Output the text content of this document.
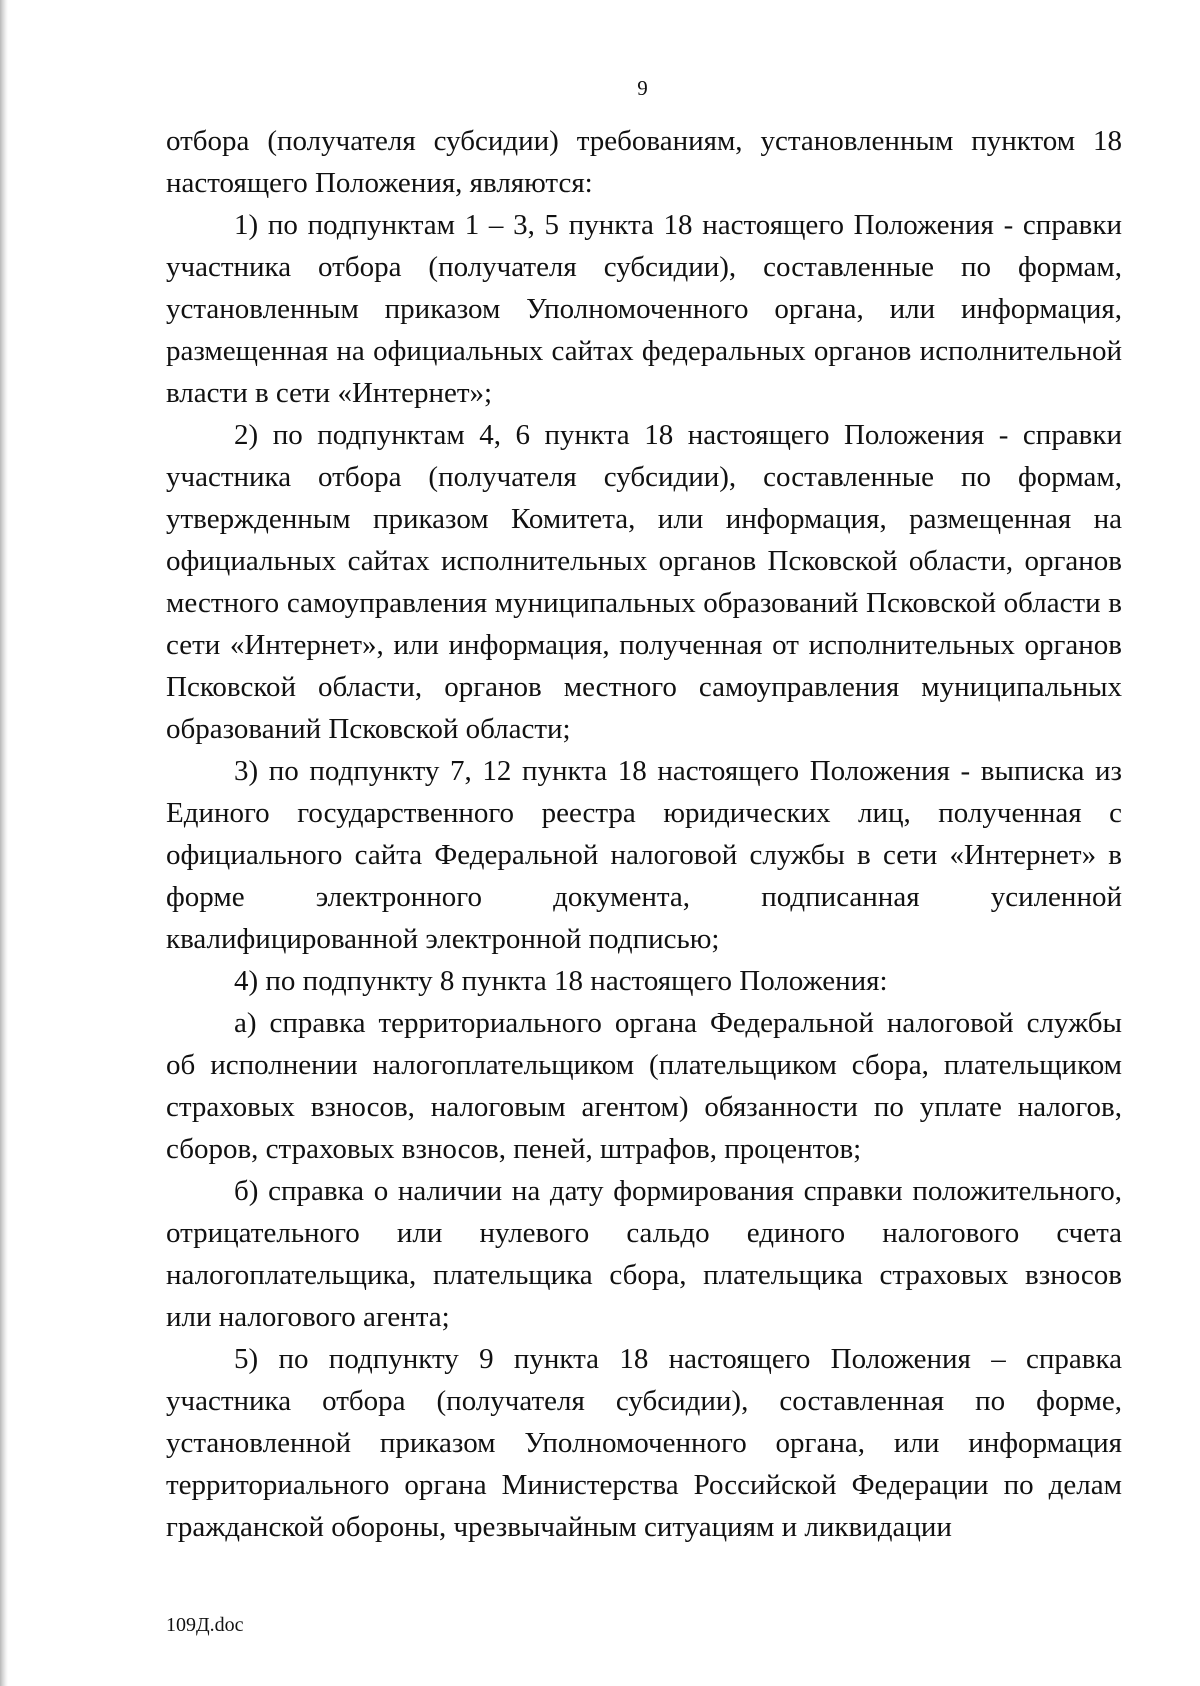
9

отбора (получателя субсидии) требованиям, установленным пунктом 18 настоящего Положения, являются:

1) по подпунктам 1 – 3, 5 пункта 18 настоящего Положения - справки участника отбора (получателя субсидии), составленные по формам, установленным приказом Уполномоченного органа, или информация, размещенная на официальных сайтах федеральных органов исполнительной власти в сети «Интернет»;

2) по подпунктам 4, 6 пункта 18 настоящего Положения - справки участника отбора (получателя субсидии), составленные по формам, утвержденным приказом Комитета, или информация, размещенная на официальных сайтах исполнительных органов Псковской области, органов местного самоуправления муниципальных образований Псковской области в сети «Интернет», или информация, полученная от исполнительных органов Псковской области, органов местного самоуправления муниципальных образований Псковской области;

3) по подпункту 7, 12 пункта 18 настоящего Положения - выписка из Единого государственного реестра юридических лиц, полученная с официального сайта Федеральной налоговой службы в сети «Интернет» в форме электронного документа, подписанная усиленной квалифицированной электронной подписью;

4) по подпункту 8 пункта 18 настоящего Положения:

а) справка территориального органа Федеральной налоговой службы об исполнении налогоплательщиком (плательщиком сбора, плательщиком страховых взносов, налоговым агентом) обязанности по уплате налогов, сборов, страховых взносов, пеней, штрафов, процентов;

б) справка о наличии на дату формирования справки положительного, отрицательного или нулевого сальдо единого налогового счета налогоплательщика, плательщика сбора, плательщика страховых взносов или налогового агента;

5) по подпункту 9 пункта 18 настоящего Положения – справка участника отбора (получателя субсидии), составленная по форме, установленной приказом Уполномоченного органа, или информация территориального органа Министерства Российской Федерации по делам гражданской обороны, чрезвычайным ситуациям и ликвидации

109Д.doc
